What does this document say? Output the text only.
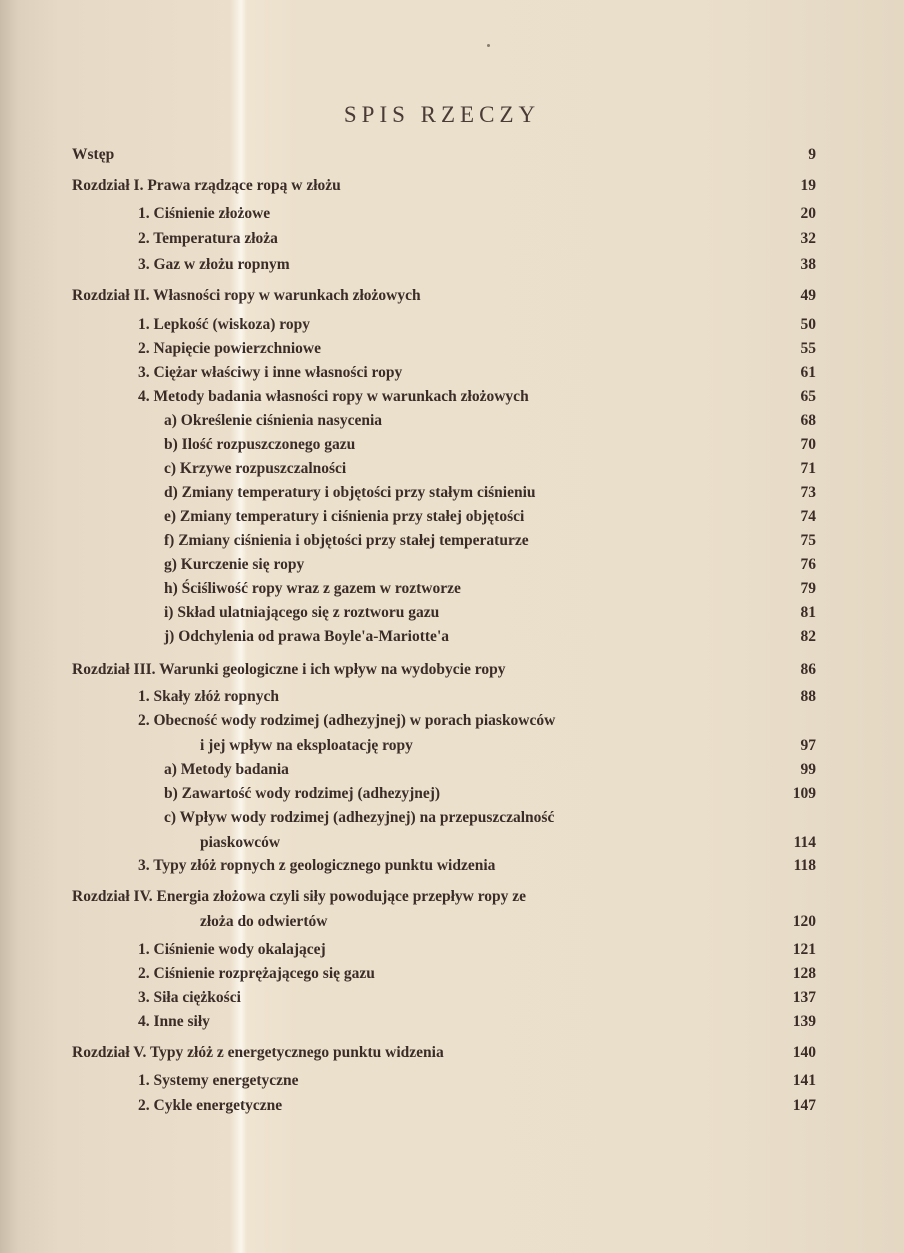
SPIS RZECZY
Wstęp	9
Rozdział I. Prawa rządzące ropą w złożu	19
1. Ciśnienie złożowe	20
2. Temperatura złoża	32
3. Gaz w złożu ropnym	38
Rozdział II. Własności ropy w warunkach złożowych	49
1. Lepkość (wiskoza) ropy	50
2. Napięcie powierzchniowe	55
3. Ciężar właściwy i inne własności ropy	61
4. Metody badania własności ropy w warunkach złożowych	65
a) Określenie ciśnienia nasycenia	68
b) Ilość rozpuszczonego gazu	70
c) Krzywe rozpuszczalności	71
d) Zmiany temperatury i objętości przy stałym ciśnieniu	73
e) Zmiany temperatury i ciśnienia przy stałej objętości	74
f) Zmiany ciśnienia i objętości przy stałej temperaturze	75
g) Kurczenie się ropy	76
h) Ściśliwość ropy wraz z gazem w roztworze	79
i) Skład ulatniającego się z roztworu gazu	81
j) Odchylenia od prawa Boyle'a-Mariotte'a	82
Rozdział III. Warunki geologiczne i ich wpływ na wydobycie ropy	86
1. Skały złóż ropnych	88
2. Obecność wody rodzimej (adhezyjnej) w porach piaskowców
i jej wpływ na eksploatację ropy	97
a) Metody badania	99
b) Zawartość wody rodzimej (adhezyjnej)	109
c) Wpływ wody rodzimej (adhezyjnej) na przepuszczalność
piaskowców	114
3. Typy złóż ropnych z geologicznego punktu widzenia	118
Rozdział IV. Energia złożowa czyli siły powodujące przepływ ropy ze
złoża do odwiertów	120
1. Ciśnienie wody okalającej	121
2. Ciśnienie rozprężającego się gazu	128
3. Siła ciężkości	137
4. Inne siły	139
Rozdział V. Typy złóż z energetycznego punktu widzenia	140
1. Systemy energetyczne	141
2. Cykle energetyczne	147
